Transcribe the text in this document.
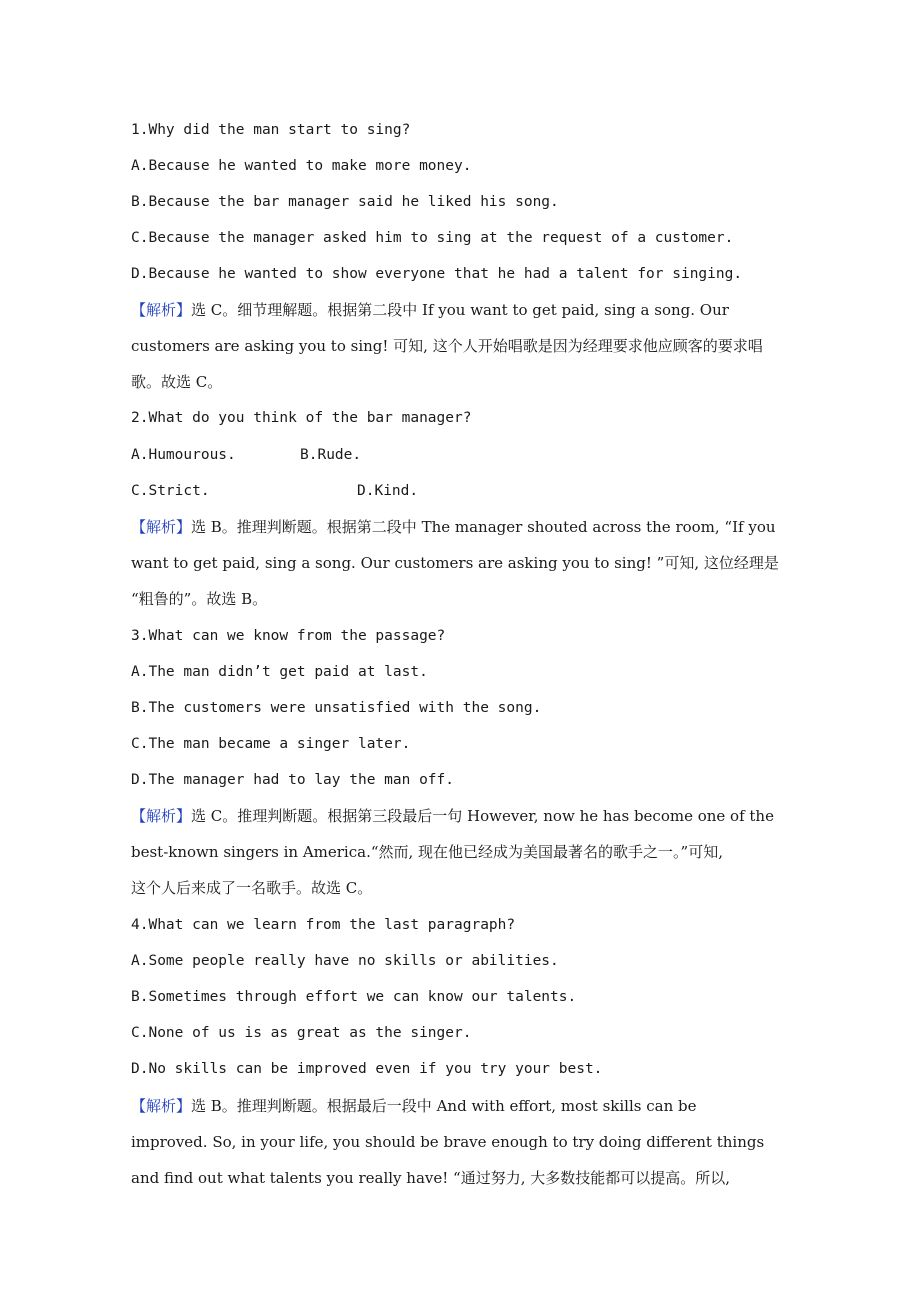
1.Why did the man start to sing?
A.Because he wanted to make more money.
B.Because the bar manager said he liked his song.
C.Because the manager asked him to sing at the request of a customer.
D.Because he wanted to show everyone that he had a talent for singing.
【解析】选 C。细节理解题。根据第二段中 If you want to get paid, sing a song. Our
customers are asking you to sing! 可知, 这个人开始唱歌是因为经理要求他应顾客的要求唱
歌。故选 C。
2.What do you think of the bar manager?
A.Humourous.	B.Rude.
C.Strict.	D.Kind.
【解析】选 B。推理判断题。根据第二段中 The manager shouted across the room, “If you
want to get paid, sing a song. Our customers are asking you to sing! ”可知, 这位经理是
“粗鲁的”。故选 B。
3.What can we know from the passage?
A.The man didn’t get paid at last.
B.The customers were unsatisfied with the song.
C.The man became a singer later.
D.The manager had to lay the man off.
【解析】选 C。推理判断题。根据第三段最后一句 However, now he has become one of the
best-known singers in America.“然而, 现在他已经成为美国最著名的歌手之一。”可知,
这个人后来成了一名歌手。故选 C。
4.What can we learn from the last paragraph?
A.Some people really have no skills or abilities.
B.Sometimes through effort we can know our talents.
C.None of us is as great as the singer.
D.No skills can be improved even if you try your best.
【解析】选 B。推理判断题。根据最后一段中 And with effort, most skills can be
improved. So, in your life, you should be brave enough to try doing different things
and find out what talents you really have! “通过努力, 大多数技能都可以提高。所以,
